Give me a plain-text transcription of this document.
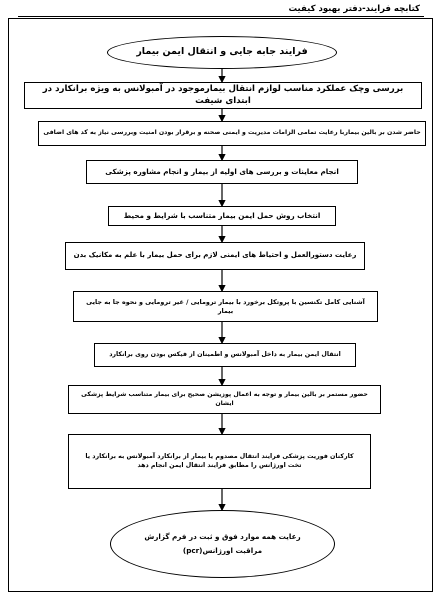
کتابچه فرایند-دفتر بهبود کیفیت
فرایند جابه جایی و انتقال ایمن بیمار
بررسی وچک عملکرد مناسب لوازم انتقال بیمارموجود در آمبولانس به ویژه برانکارد در ابتدای شیفت
حاضر شدن بر بالین بیماربا رعایت تمامی الزامات مدیریت و ایمنی صحنه و برقرار بودن امنیت وبررسی نیاز به کد های اضافی
انجام معاینات و بررسی های اولیه از بیمار و انجام مشاوره پزشکی
انتخاب روش حمل ایمن بیمار متناسب با شرایط و محیط
رعایت دستورالعمل و احتیاط های ایمنی لازم برای حمل بیمار با علم به مکانیک بدن
آشنایی کامل تکنسین با پروتکل برخورد با بیمار ترومایی / غیر ترومایی و نحوه جا به جایی بیمار
انتقال ایمن بیمار به داخل آمبولانس و اطمینان از فیکس بودن روی برانکارد
حضور مستمر بر بالین بیمار و توجه به اعمال پوزیشن صحیح برای بیمار متناسب شرایط پزشکی ایشان
کارکنان فوریت پزشکی فرایند انتقال مصدوم یا بیمار از برانکارد آمبولانس به برانکارد یا تخت اورژانس را مطابق فرایند انتقال ایمن انجام دهد
رعایت همه موارد فوق و ثبت در فرم گزارش
مراقبت اورژانس(pcr)
